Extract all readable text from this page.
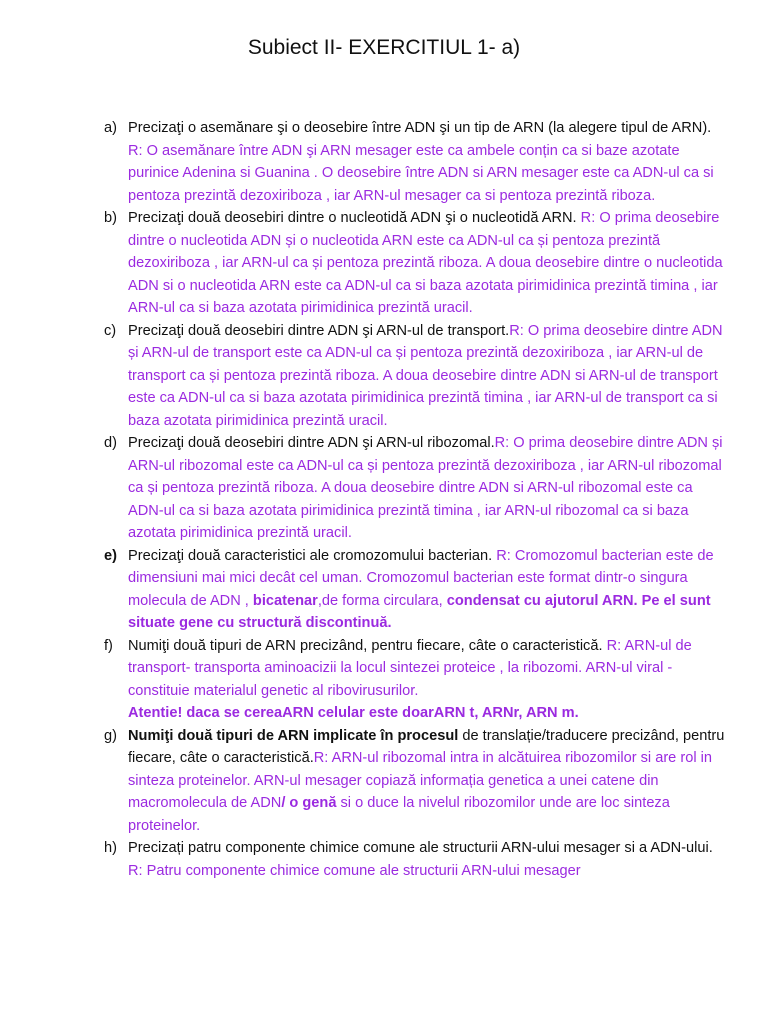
Subiect II- EXERCITIUL 1- a)
a) Precizaţi o asemănare şi o deosebire între ADN şi un tip de ARN (la alegere tipul de ARN). R: O asemănare între ADN şi ARN mesager este ca ambele conțin ca si baze azotate purinice Adenina si Guanina . O deosebire între ADN si ARN mesager este ca ADN-ul ca si pentoza prezintă dezoxiriboza , iar ARN-ul mesager ca si pentoza prezintă riboza.
b) Precizaţi două deosebiri dintre o nucleotidă ADN şi o nucleotidă ARN. R: O prima deosebire dintre o nucleotida ADN și o nucleotida ARN este ca ADN-ul ca și pentoza prezintă dezoxiriboza , iar ARN-ul ca și pentoza prezintă riboza. A doua deosebire dintre o nucleotida ADN si o nucleotida ARN este ca ADN-ul ca si baza azotata pirimidinica prezintă timina , iar ARN-ul ca si baza azotata pirimidinica prezintă uracil.
c) Precizaţi două deosebiri dintre ADN şi ARN-ul de transport.R: O prima deosebire dintre ADN și ARN-ul de transport este ca ADN-ul ca și pentoza prezintă dezoxiriboza , iar ARN-ul de transport ca și pentoza prezintă riboza. A doua deosebire dintre ADN si ARN-ul de transport este ca ADN-ul ca si baza azotata pirimidinica prezintă timina , iar ARN-ul de transport ca si baza azotata pirimidinica prezintă uracil.
d) Precizaţi două deosebiri dintre ADN şi ARN-ul ribozomal.R: O prima deosebire dintre ADN și ARN-ul ribozomal este ca ADN-ul ca și pentoza prezintă dezoxiriboza , iar ARN-ul ribozomal ca și pentoza prezintă riboza. A doua deosebire dintre ADN si ARN-ul ribozomal este ca ADN-ul ca si baza azotata pirimidinica prezintă timina , iar ARN-ul ribozomal ca si baza azotata pirimidinica prezintă uracil.
e) Precizaţi două caracteristici ale cromozomului bacterian. R: Cromozomul bacterian este de dimensiuni mai mici decât cel uman. Cromozomul bacterian este format dintr-o singura molecula de ADN , bicatenar,de forma circulara, condensat cu ajutorul ARN. Pe el sunt situate gene cu structură discontinuă.
f) Numiţi două tipuri de ARN precizând, pentru fiecare, câte o caracteristică. R: ARN-ul de transport- transporta aminoacizii la locul sintezei proteice , la ribozomi. ARN-ul viral - constituie materialul genetic al ribovirusurilor.
Atentie! daca se cereaARN celular este doarARN t, ARNr, ARN m.
g) Numiţi două tipuri de ARN implicate în procesul de translație/traducere precizând, pentru fiecare, câte o caracteristică.R: ARN-ul ribozomal intra in alcătuirea ribozomilor si are rol in sinteza proteinelor. ARN-ul mesager copiază informația genetica a unei catene din macromolecula de ADN/ o genă si o duce la nivelul ribozomilor unde are loc sinteza proteinelor.
h) Precizați patru componente chimice comune ale structurii ARN-ului mesager si a ADN-ului. R: Patru componente chimice comune ale structurii ARN-ului mesager
